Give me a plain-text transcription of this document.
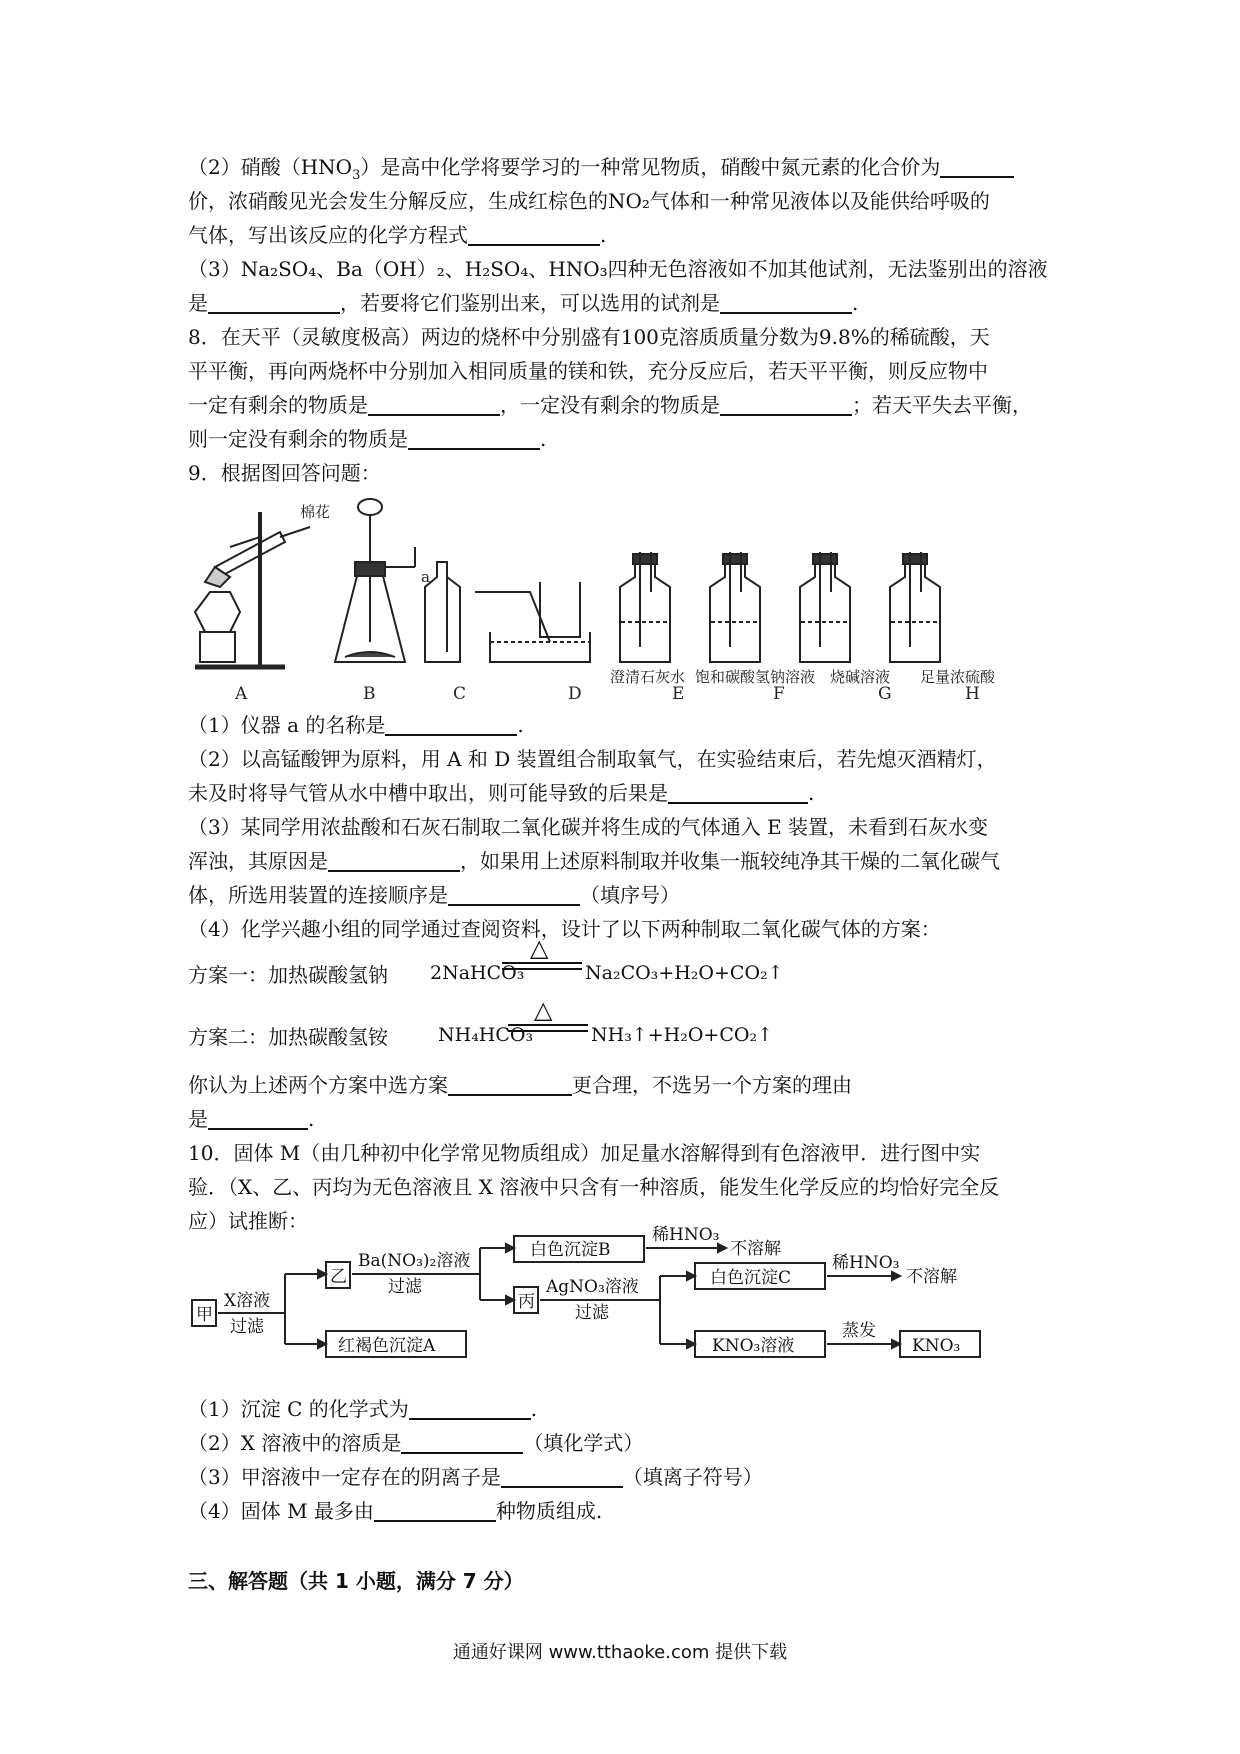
（2）硝酸$(HNO_3)$是高中化学将要学习的一种常见物质，硝酸中氮元素的化合价为
价，浓硝酸见光会发生分解反应，生成红棕色的NO₂气体和一种常见液体以及能供给呼吸的
气体，写出该反应的化学方程式	.
（3）Na₂SO₄、Ba（OH）₂、H₂SO₄、HNO₃四种无色溶液如不加其他试剂，无法鉴别出的溶液
是	，若要将它们鉴别出来，可以选用的试剂是	.
8．在天平（灵敏度极高）两边的烧杯中分别盛有100克溶质质量分数为9.8%的稀硫酸，天
平平衡，再向两烧杯中分别加入相同质量的镁和铁，充分反应后，若天平平衡，则反应物中
一定有剩余的物质是	，一定没有剩余的物质是	；若天平失去平衡，
则一定没有剩余的物质是	.
9．根据图回答问题：
棉花
a
澄清石灰水 饱和碳酸氢钠溶液 烧碱溶液 足量浓硫酸
A	B	C	D	E	F	G	H
（1）仪器 a 的名称是	.
（2）以高锰酸钾为原料，用 A 和 D 装置组合制取氧气，在实验结束后，若先熄灭酒精灯，
未及时将导气管从水中槽中取出，则可能导致的后果是	.
（3）某同学用浓盐酸和石灰石制取二氧化碳并将生成的气体通入 E 装置，未看到石灰水变
浑浊，其原因是	，如果用上述原料制取并收集一瓶较纯净其干燥的二氧化碳气
体，所选用装置的连接顺序是	（填序号）
（4）化学兴趣小组的同学通过查阅资料，设计了以下两种制取二氧化碳气体的方案：
方案一：加热碳酸氢钠 2NaHCO₃
△
Na₂CO₃+H₂O+CO₂↑
方案二：加热碳酸氢铵	NH₄HCO₃
△
NH₃↑+H₂O+CO₂↑
你认为上述两个方案中选方案	更合理，不选另一个方案的理由
是	.
10．固体 M（由几种初中化学常见物质组成）加足量水溶解得到有色溶液甲．进行图中实
验．（X、乙、丙均为无色溶液且 X 溶液中只含有一种溶质，能发生化学反应的均恰好完全反
应）试推断：
甲
X溶液
过滤
乙
Ba(NO₃)₂溶液
过滤
白色沉淀B
稀HNO₃
不溶解
丙
AgNO₃溶液
过滤
白色沉淀C
稀HNO₃
不溶解
红褐色沉淀A	KNO₃溶液
蒸发
KNO₃
（1）沉淀 C 的化学式为	.
（2）X 溶液中的溶质是	（填化学式）
（3）甲溶液中一定存在的阴离子是	（填离子符号）
（4）固体 M 最多由	种物质组成.
三、解答题（共 1 小题，满分 7 分）
通通好课网 www.tthaoke.com 提供下载
